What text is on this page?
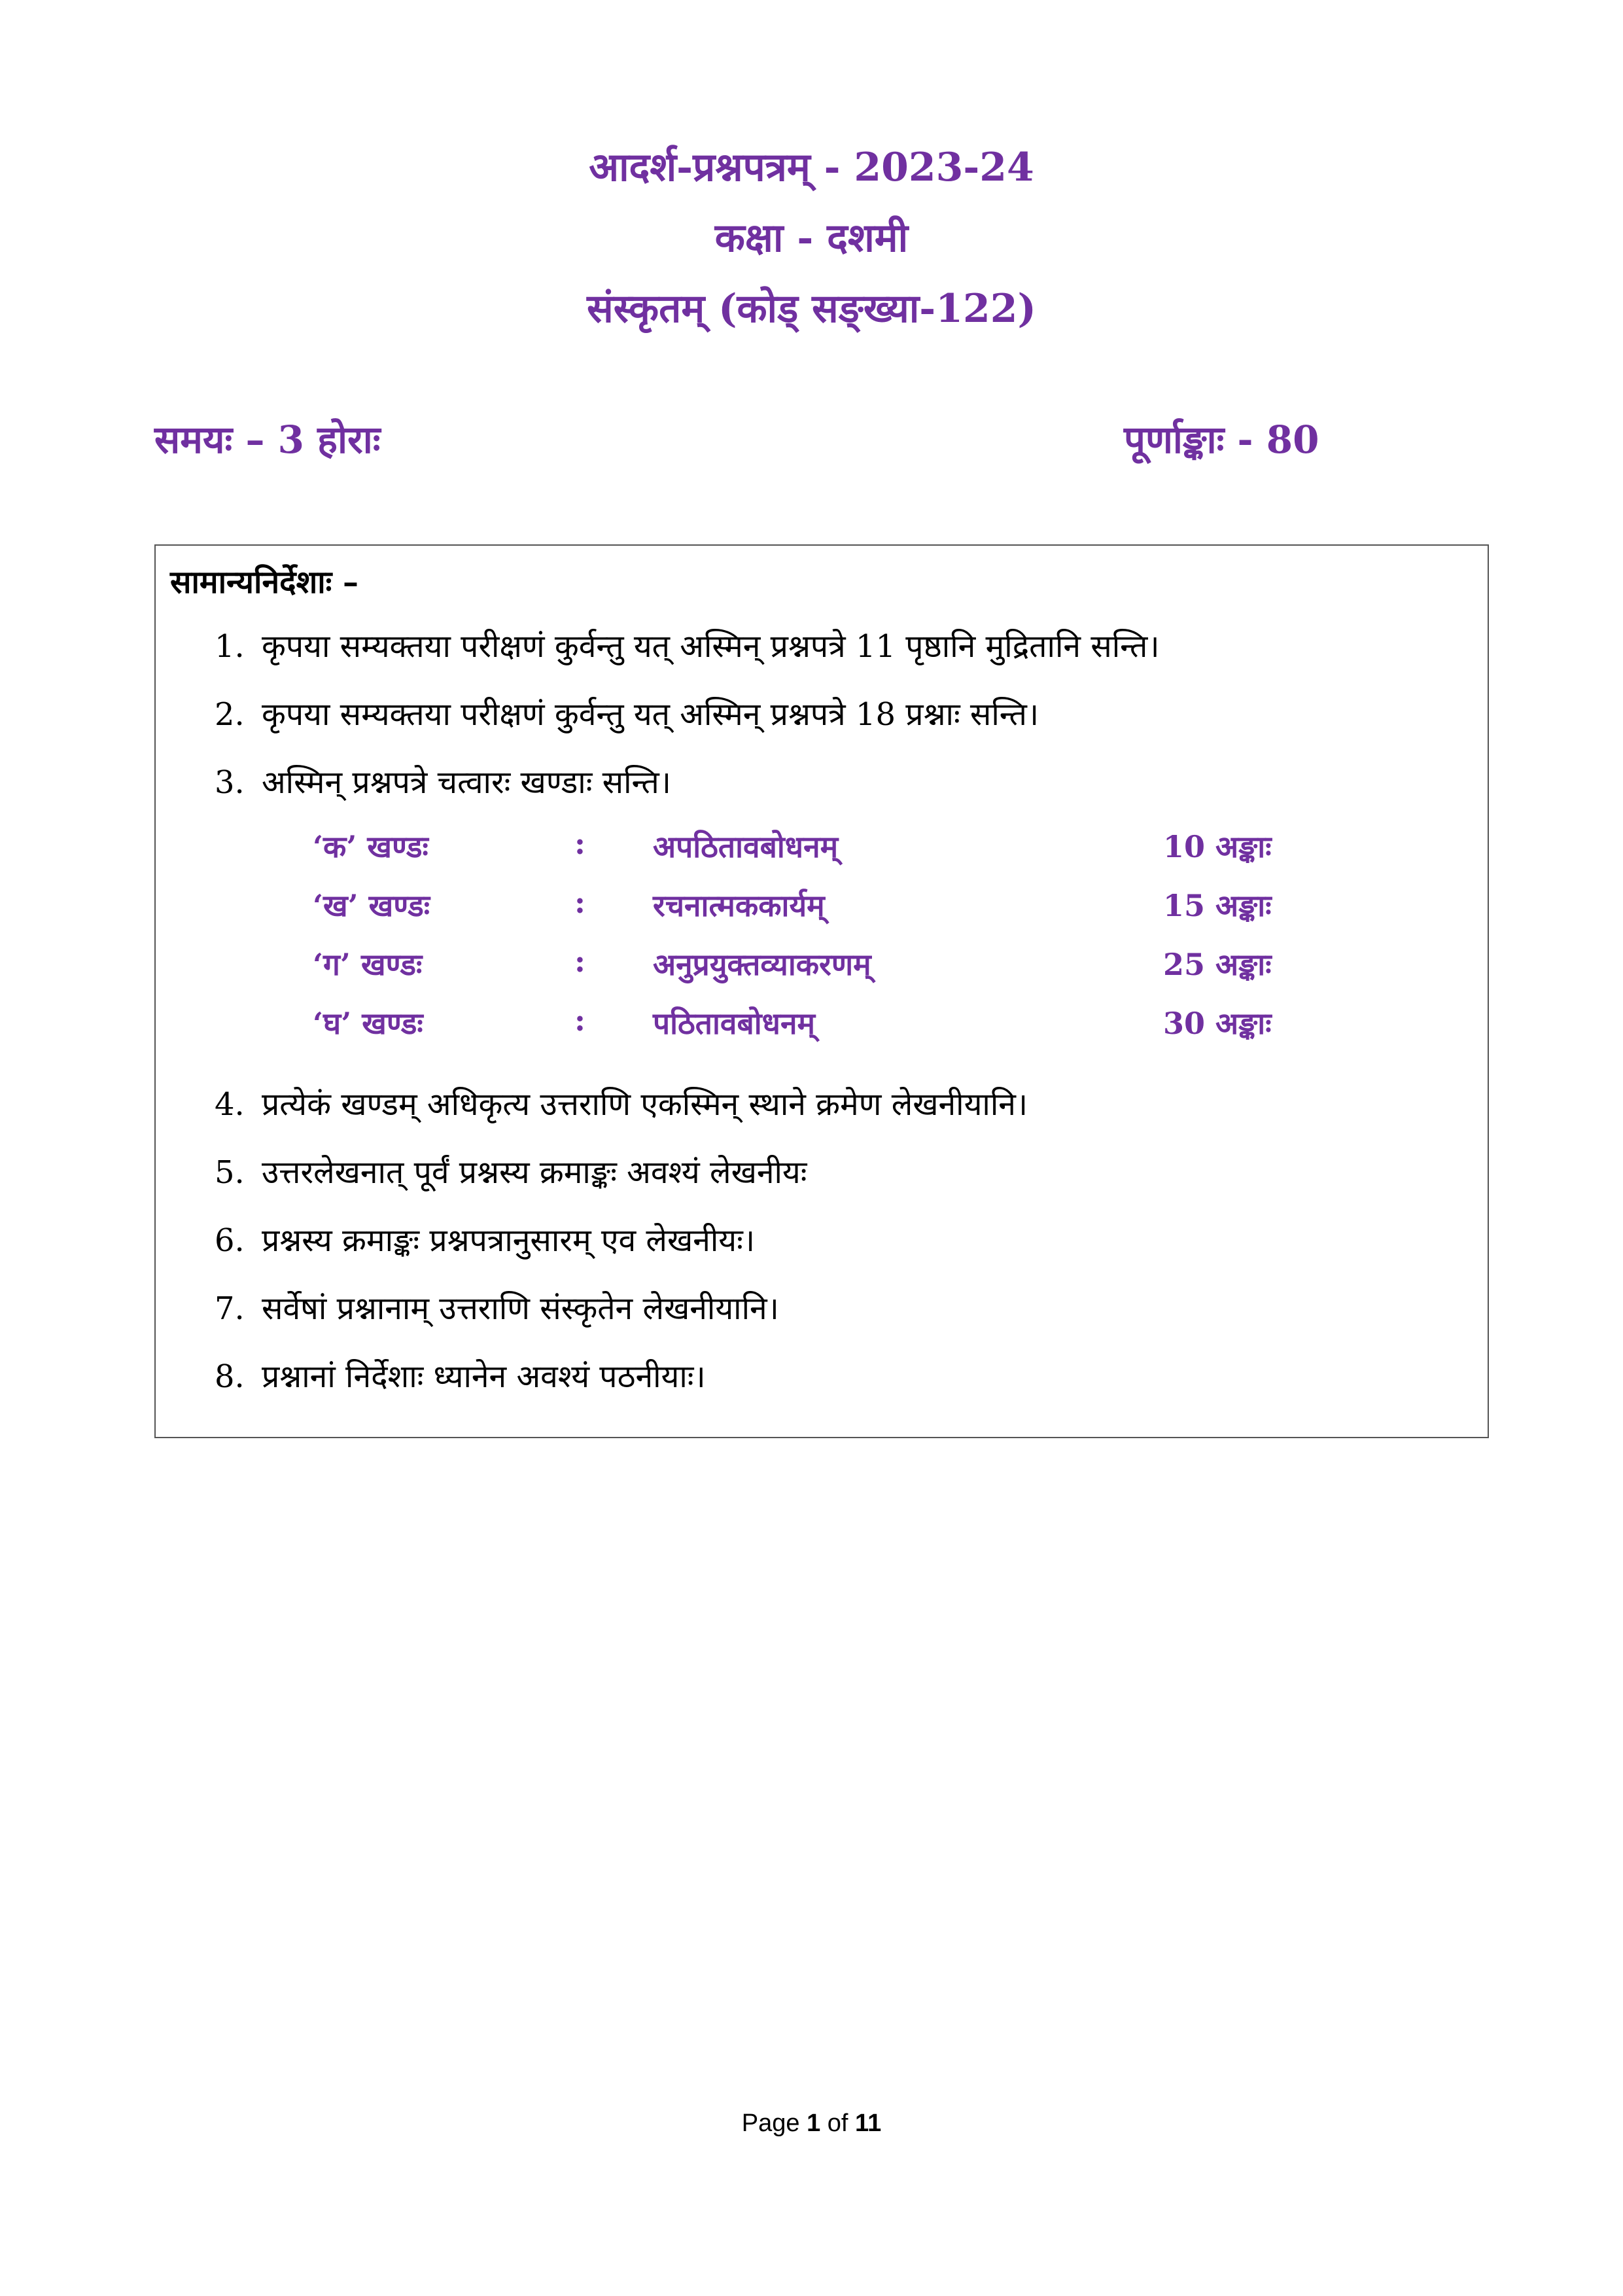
आदर्श-प्रश्नपत्रम् - 2023-24
कक्षा - दशमी
संस्कृतम् (कोड् सङ्ख्या-122)
समयः – 3 होराः	पूर्णाङ्काः - 80
सामान्यनिर्देशाः –
1. कृपया सम्यक्तया परीक्षणं कुर्वन्तु यत् अस्मिन् प्रश्नपत्रे 11 पृष्ठानि मुद्रितानि सन्ति।
2. कृपया सम्यक्तया परीक्षणं कुर्वन्तु यत् अस्मिन् प्रश्नपत्रे 18 प्रश्नाः सन्ति।
3. अस्मिन् प्रश्नपत्रे चत्वारः खण्डाः सन्ति।
‘क’ खण्डः	: अपठितावबोधनम्	10 अङ्काः
‘ख’ खण्डः	: रचनात्मककार्यम्	15 अङ्काः
‘ग’ खण्डः	: अनुप्रयुक्तव्याकरणम्	25 अङ्काः
‘घ’ खण्डः	: पठितावबोधनम्	30 अङ्काः
4. प्रत्येकं खण्डम् अधिकृत्य उत्तराणि एकस्मिन् स्थाने क्रमेण लेखनीयानि।
5. उत्तरलेखनात् पूर्वं प्रश्नस्य क्रमाङ्कः अवश्यं लेखनीयः
6. प्रश्नस्य क्रमाङ्कः प्रश्नपत्रानुसारम् एव लेखनीयः।
7. सर्वेषां प्रश्नानाम् उत्तराणि संस्कृतेन लेखनीयानि।
8. प्रश्नानां निर्देशाः ध्यानेन अवश्यं पठनीयाः।
Page 1 of 11
